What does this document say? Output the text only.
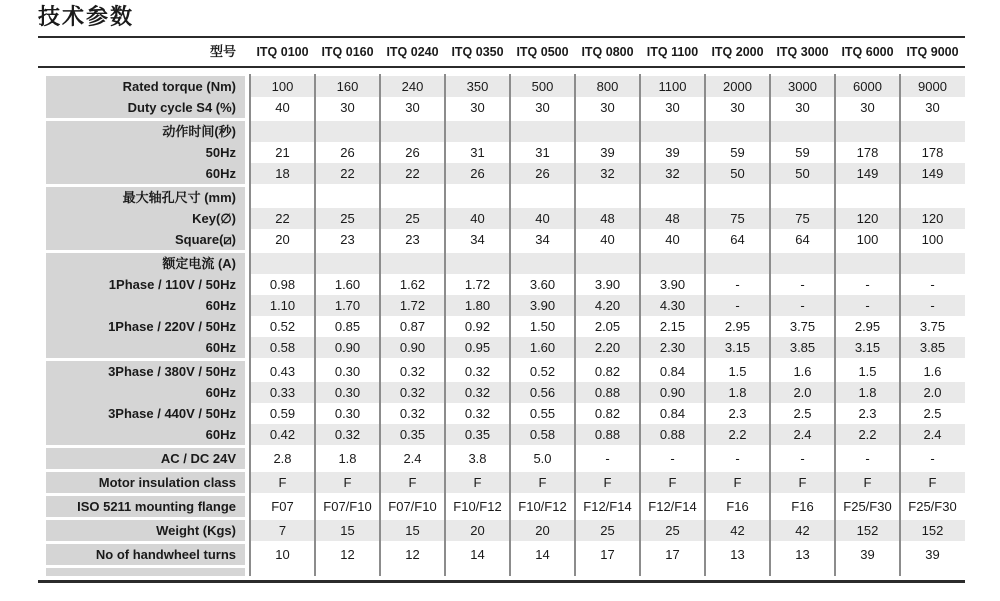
技术参数
型号	ITQ 0100	ITQ 0160	ITQ 0240	ITQ 0350	ITQ 0500	ITQ 0800	ITQ 1100	ITQ 2000	ITQ 3000	ITQ 6000	ITQ 9000
Rated torque (Nm)	100	160	240	350	500	800	1100	2000	3000	6000	9000
Duty cycle S4 (%)	40	30	30	30	30	30	30	30	30	30	30
动作时间(秒)
50Hz	21	26	26	31	31	39	39	59	59	178	178
60Hz	18	22	22	26	26	32	32	50	50	149	149
最大轴孔尺寸 (mm)
Key(∅)	22	25	25	40	40	48	48	75	75	120	120
Square(⧄)	20	23	23	34	34	40	40	64	64	100	100
额定电流 (A)
1Phase / 110V / 50Hz	0.98	1.60	1.62	1.72	3.60	3.90	3.90	-	-	-	-
60Hz	1.10	1.70	1.72	1.80	3.90	4.20	4.30	-	-	-	-
1Phase / 220V / 50Hz	0.52	0.85	0.87	0.92	1.50	2.05	2.15	2.95	3.75	2.95	3.75
60Hz	0.58	0.90	0.90	0.95	1.60	2.20	2.30	3.15	3.85	3.15	3.85
3Phase / 380V / 50Hz	0.43	0.30	0.32	0.32	0.52	0.82	0.84	1.5	1.6	1.5	1.6
60Hz	0.33	0.30	0.32	0.32	0.56	0.88	0.90	1.8	2.0	1.8	2.0
3Phase / 440V / 50Hz	0.59	0.30	0.32	0.32	0.55	0.82	0.84	2.3	2.5	2.3	2.5
60Hz	0.42	0.32	0.35	0.35	0.58	0.88	0.88	2.2	2.4	2.2	2.4
AC / DC 24V	2.8	1.8	2.4	3.8	5.0	-	-	-	-	-	-
Motor insulation class	F	F	F	F	F	F	F	F	F	F	F
ISO 5211 mounting flange	F07	F07/F10	F07/F10	F10/F12	F10/F12	F12/F14	F12/F14	F16	F16	F25/F30	F25/F30
Weight (Kgs)	7	15	15	20	20	25	25	42	42	152	152
No of handwheel turns	10	12	12	14	14	17	17	13	13	39	39
